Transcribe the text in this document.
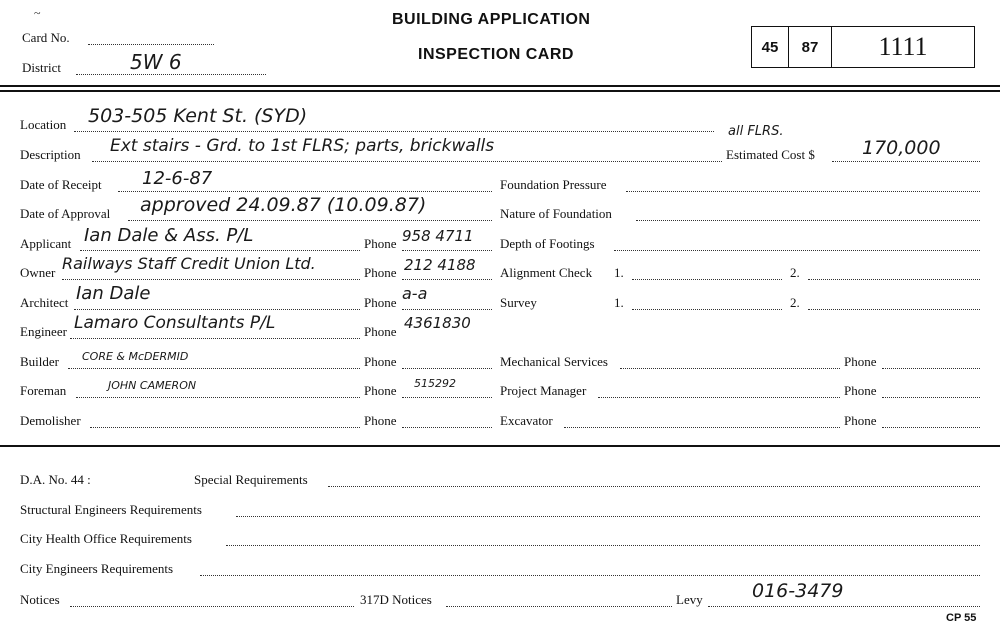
~
Card No.
District	5W 6
BUILDING APPLICATION
INSPECTION CARD	45	87	1111
Location 503-505 Kent St. (SYD)
Description Ext stairs - Grd. to 1st FLRS; parts, brickwalls
all FLRS.
Estimated Cost $ 170,000
Date of Receipt 12-6-87
Date of Approval approved 24.09.87 (10.09.87)
Applicant Ian Dale & Ass. P/L	Phone 958 4711
Owner Railways Staff Credit Union Ltd.	Phone 212 4188
Architect Ian Dale	Phone a-a
Engineer Lamaro Consultants P/L	Phone 4361830
Builder CORE & McDERMID	Phone
Foreman	JOHN CAMERON	Phone 515292
Demolisher	Phone
Foundation Pressure
Nature of Foundation
Depth of Footings
Alignment Check 1.	2.
Survey	1.	2.
Mechanical Services	Phone
Project Manager	Phone
Excavator	Phone
D.A. No. 44 :	Special Requirements
Structural Engineers Requirements
City Health Office Requirements
City Engineers Requirements
Notices	317D Notices	Levy	016-3479
CP 55
